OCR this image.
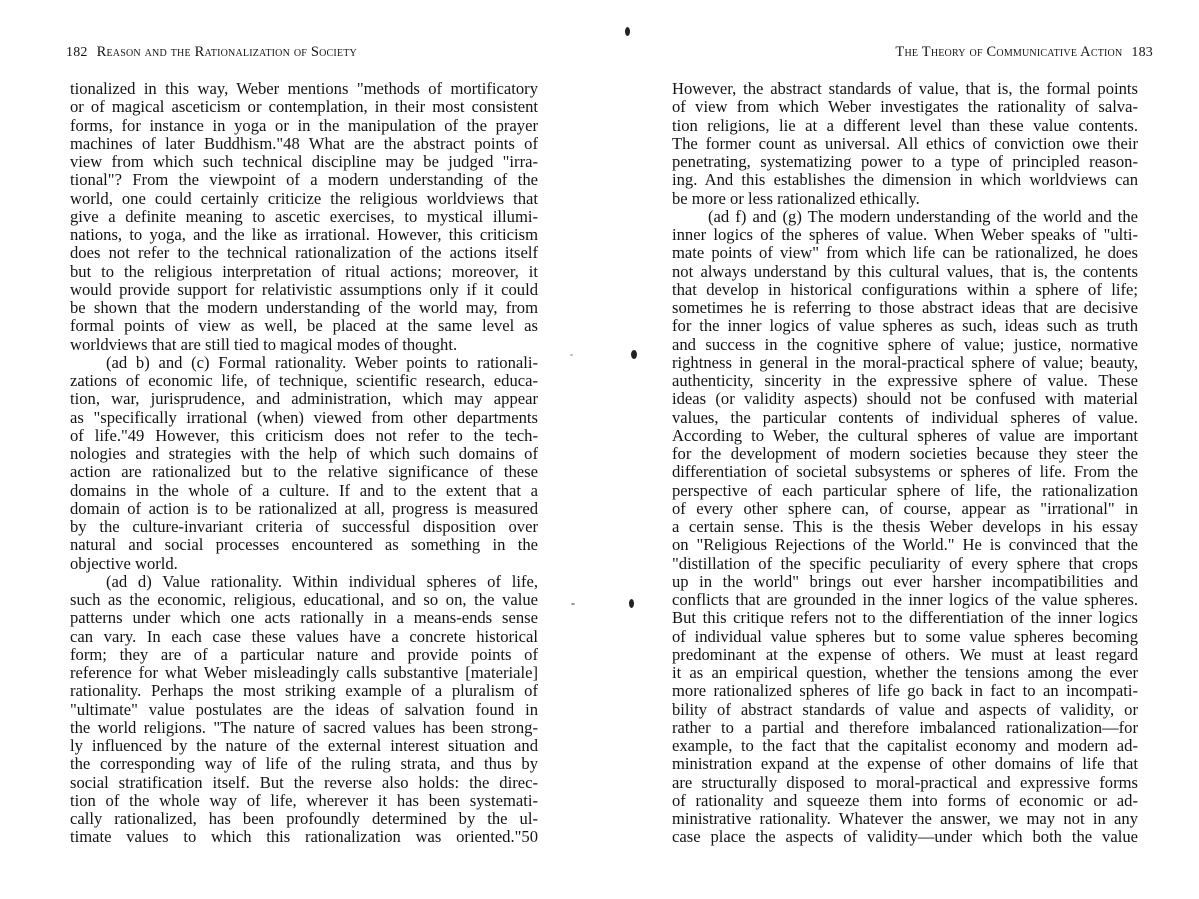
182 Reason and the Rationalization of Society
tionalized in this way, Weber mentions "methods of mortificatory
or of magical asceticism or contemplation, in their most consistent
forms, for instance in yoga or in the manipulation of the prayer
machines of later Buddhism."48 What are the abstract points of
view from which such technical discipline may be judged "irra-
tional"? From the viewpoint of a modern understanding of the
world, one could certainly criticize the religious worldviews that
give a definite meaning to ascetic exercises, to mystical illumi-
nations, to yoga, and the like as irrational. However, this criticism
does not refer to the technical rationalization of the actions itself
but to the religious interpretation of ritual actions; moreover, it
would provide support for relativistic assumptions only if it could
be shown that the modern understanding of the world may, from
formal points of view as well, be placed at the same level as
worldviews that are still tied to magical modes of thought.
(ad b) and (c) Formal rationality. Weber points to rationali-
zations of economic life, of technique, scientific research, educa-
tion, war, jurisprudence, and administration, which may appear
as "specifically irrational (when) viewed from other departments
of life."49 However, this criticism does not refer to the tech-
nologies and strategies with the help of which such domains of
action are rationalized but to the relative significance of these
domains in the whole of a culture. If and to the extent that a
domain of action is to be rationalized at all, progress is measured
by the culture-invariant criteria of successful disposition over
natural and social processes encountered as something in the
objective world.
(ad d) Value rationality. Within individual spheres of life,
such as the economic, religious, educational, and so on, the value
patterns under which one acts rationally in a means-ends sense
can vary. In each case these values have a concrete historical
form; they are of a particular nature and provide points of
reference for what Weber misleadingly calls substantive [materiale]
rationality. Perhaps the most striking example of a pluralism of
"ultimate" value postulates are the ideas of salvation found in
the world religions. "The nature of sacred values has been strong-
ly influenced by the nature of the external interest situation and
the corresponding way of life of the ruling strata, and thus by
social stratification itself. But the reverse also holds: the direc-
tion of the whole way of life, wherever it has been systemati-
cally rationalized, has been profoundly determined by the ul-
timate values to which this rationalization was oriented."50
The Theory of Communicative Action 183
However, the abstract standards of value, that is, the formal points
of view from which Weber investigates the rationality of salva-
tion religions, lie at a different level than these value contents.
The former count as universal. All ethics of conviction owe their
penetrating, systematizing power to a type of principled reason-
ing. And this establishes the dimension in which worldviews can
be more or less rationalized ethically.
(ad f) and (g) The modern understanding of the world and the
inner logics of the spheres of value. When Weber speaks of "ulti-
mate points of view" from which life can be rationalized, he does
not always understand by this cultural values, that is, the contents
that develop in historical configurations within a sphere of life;
sometimes he is referring to those abstract ideas that are decisive
for the inner logics of value spheres as such, ideas such as truth
and success in the cognitive sphere of value; justice, normative
rightness in general in the moral-practical sphere of value; beauty,
authenticity, sincerity in the expressive sphere of value. These
ideas (or validity aspects) should not be confused with material
values, the particular contents of individual spheres of value.
According to Weber, the cultural spheres of value are important
for the development of modern societies because they steer the
differentiation of societal subsystems or spheres of life. From the
perspective of each particular sphere of life, the rationalization
of every other sphere can, of course, appear as "irrational" in
a certain sense. This is the thesis Weber develops in his essay
on "Religious Rejections of the World." He is convinced that the
"distillation of the specific peculiarity of every sphere that crops
up in the world" brings out ever harsher incompatibilities and
conflicts that are grounded in the inner logics of the value spheres.
But this critique refers not to the differentiation of the inner logics
of individual value spheres but to some value spheres becoming
predominant at the expense of others. We must at least regard
it as an empirical question, whether the tensions among the ever
more rationalized spheres of life go back in fact to an incompati-
bility of abstract standards of value and aspects of validity, or
rather to a partial and therefore imbalanced rationalization—for
example, to the fact that the capitalist economy and modern ad-
ministration expand at the expense of other domains of life that
are structurally disposed to moral-practical and expressive forms
of rationality and squeeze them into forms of economic or ad-
ministrative rationality. Whatever the answer, we may not in any
case place the aspects of validity—under which both the value
